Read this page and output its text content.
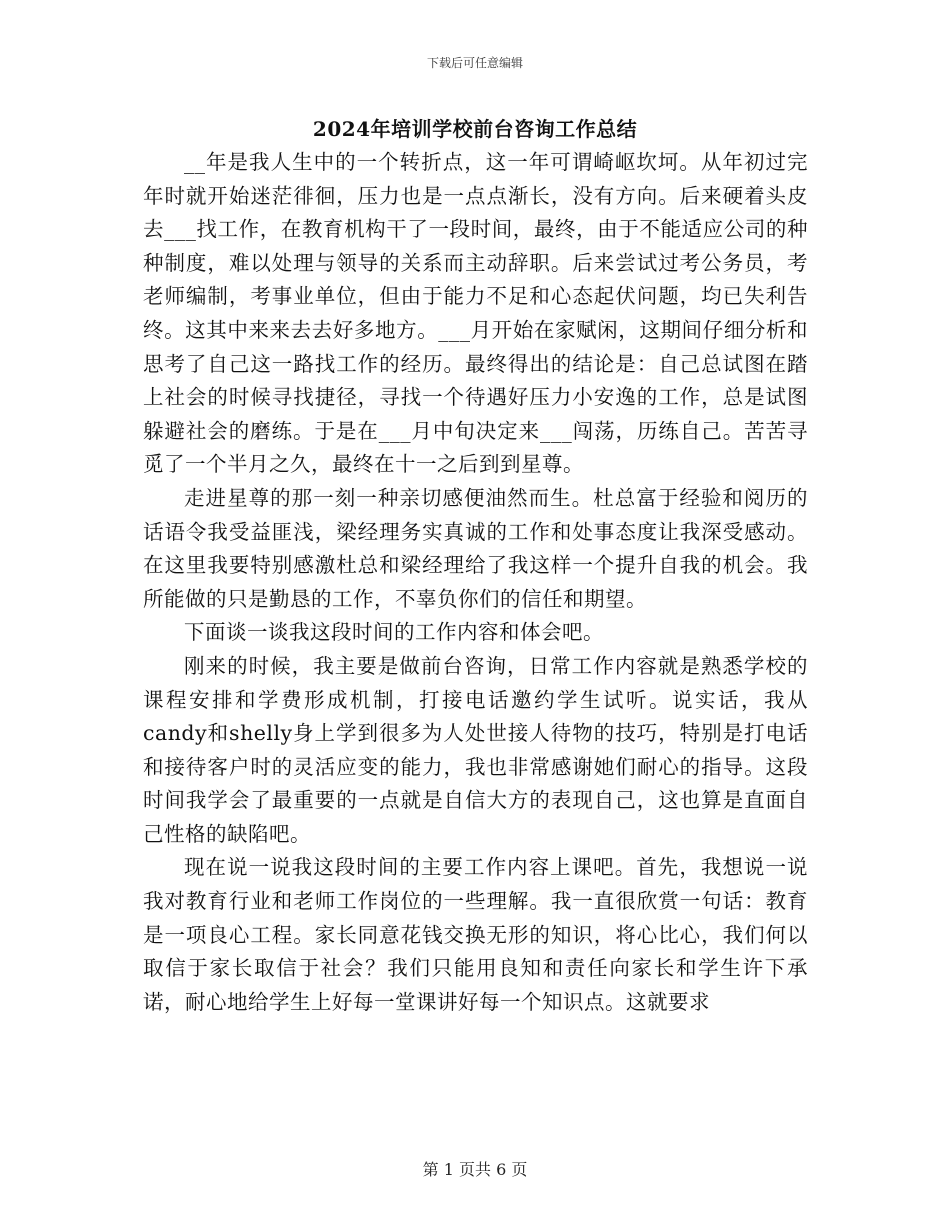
下载后可任意编辑
2024年培训学校前台咨询工作总结

__年是我人生中的一个转折点，这一年可谓崎岖坎坷。从年初过完年时就开始迷茫徘徊，压力也是一点点渐长，没有方向。后来硬着头皮去___找工作，在教育机构干了一段时间，最终，由于不能适应公司的种种制度，难以处理与领导的关系而主动辞职。后来尝试过考公务员，考老师编制，考事业单位，但由于能力不足和心态起伏问题，均已失利告终。这其中来来去去好多地方。___月开始在家赋闲，这期间仔细分析和思考了自己这一路找工作的经历。最终得出的结论是：自己总试图在踏上社会的时候寻找捷径，寻找一个待遇好压力小安逸的工作，总是试图躲避社会的磨练。于是在___月中旬决定来___闯荡，历练自己。苦苦寻觅了一个半月之久，最终在十一之后到到星尊。

走进星尊的那一刻一种亲切感便油然而生。杜总富于经验和阅历的话语令我受益匪浅，梁经理务实真诚的工作和处事态度让我深受感动。在这里我要特别感激杜总和梁经理给了我这样一个提升自我的机会。我所能做的只是勤恳的工作，不辜负你们的信任和期望。

下面谈一谈我这段时间的工作内容和体会吧。

刚来的时候，我主要是做前台咨询，日常工作内容就是熟悉学校的课程安排和学费形成机制，打接电话邀约学生试听。说实话，我从candy和shelly身上学到很多为人处世接人待物的技巧，特别是打电话和接待客户时的灵活应变的能力，我也非常感谢她们耐心的指导。这段时间我学会了最重要的一点就是自信大方的表现自己，这也算是直面自己性格的缺陷吧。

现在说一说我这段时间的主要工作内容上课吧。首先，我想说一说我对教育行业和老师工作岗位的一些理解。我一直很欣赏一句话：教育是一项良心工程。家长同意花钱交换无形的知识，将心比心，我们何以取信于家长取信于社会？我们只能用良知和责任向家长和学生许下承诺，耐心地给学生上好每一堂课讲好每一个知识点。这就要求

第 1 页共 6 页
